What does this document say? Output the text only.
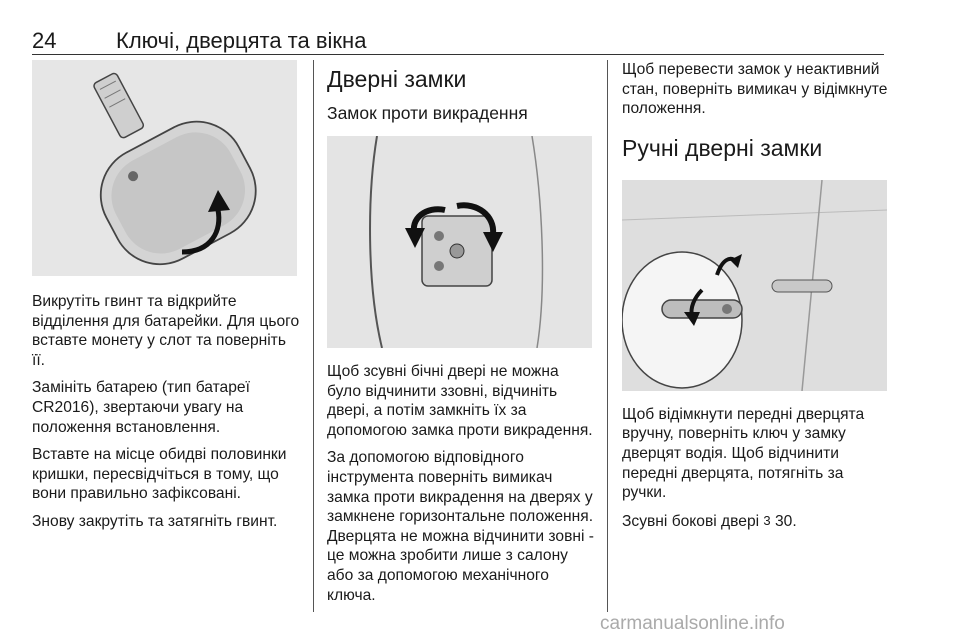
24	Ключі, дверцята та вікна

Викрутіть гвинт та відкрийте відділення для батарейки. Для цього вставте монету у слот та поверніть її.

Замініть батарею (тип батареї CR2016), звертаючи увагу на положення встановлення.

Вставте на місце обидві половинки кришки, пересвідчіться в тому, що вони правильно зафіксовані.

Знову закрутіть та затягніть гвинт.

Дверні замки
Замок проти викрадення

Щоб зсувні бічні двері не можна було відчинити ззовні, відчиніть двері, а потім замкніть їх за допомогою замка проти викрадення.

За допомогою відповідного інструмента поверніть вимикач замка проти викрадення на дверях у замкнене горизонтальне положення. Дверцята не можна відчинити зовні - це можна зробити лише з салону або за допомогою механічного ключа.

Щоб перевести замок у неактивний стан, поверніть вимикач у відімкнуте положення.

Ручні дверні замки

Щоб відімкнути передні дверцята вручну, поверніть ключ у замку дверцят водія. Щоб відчинити передні дверцята, потягніть за ручки.

Зсувні бокові двері 3 30.

carmanualsonline.info
